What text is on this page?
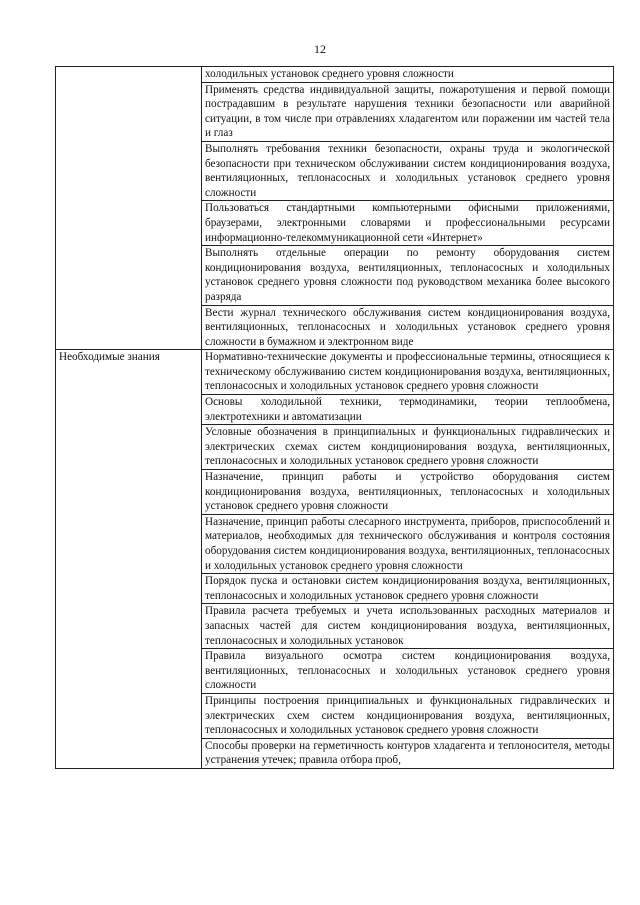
12
	холодильных установок среднего уровня сложности
	Применять средства индивидуальной защиты, пожаротушения и первой помощи пострадавшим в результате нарушения техники безопасности или аварийной ситуации, в том числе при отравлениях хладагентом или поражении им частей тела и глаз
	Выполнять требования техники безопасности, охраны труда и экологической безопасности при техническом обслуживании систем кондиционирования воздуха, вентиляционных, теплонасосных и холодильных установок среднего уровня сложности
	Пользоваться стандартными компьютерными офисными приложениями, браузерами, электронными словарями и профессиональными ресурсами информационно-телекоммуникационной сети «Интернет»
	Выполнять отдельные операции по ремонту оборудования систем кондиционирования воздуха, вентиляционных, теплонасосных и холодильных установок среднего уровня сложности под руководством механика более высокого разряда
	Вести журнал технического обслуживания систем кондиционирования воздуха, вентиляционных, теплонасосных и холодильных установок среднего уровня сложности в бумажном и электронном виде
Необходимые знания	Нормативно-технические документы и профессиональные термины, относящиеся к техническому обслуживанию систем кондиционирования воздуха, вентиляционных, теплонасосных и холодильных установок среднего уровня сложности
	Основы холодильной техники, термодинамики, теории теплообмена, электротехники и автоматизации
	Условные обозначения в принципиальных и функциональных гидравлических и электрических схемах систем кондиционирования воздуха, вентиляционных, теплонасосных и холодильных установок среднего уровня сложности
	Назначение, принцип работы и устройство оборудования систем кондиционирования воздуха, вентиляционных, теплонасосных и холодильных установок среднего уровня сложности
	Назначение, принцип работы слесарного инструмента, приборов, приспособлений и материалов, необходимых для технического обслуживания и контроля состояния оборудования систем кондиционирования воздуха, вентиляционных, теплонасосных и холодильных установок среднего уровня сложности
	Порядок пуска и остановки систем кондиционирования воздуха, вентиляционных, теплонасосных и холодильных установок среднего уровня сложности
	Правила расчета требуемых и учета использованных расходных материалов и запасных частей для систем кондиционирования воздуха, вентиляционных, теплонасосных и холодильных установок
	Правила визуального осмотра систем кондиционирования воздуха, вентиляционных, теплонасосных и холодильных установок среднего уровня сложности
	Принципы построения принципиальных и функциональных гидравлических и электрических схем систем кондиционирования воздуха, вентиляционных, теплонасосных и холодильных установок среднего уровня сложности
	Способы проверки на герметичность контуров хладагента и теплоносителя, методы устранения утечек; правила отбора проб,
